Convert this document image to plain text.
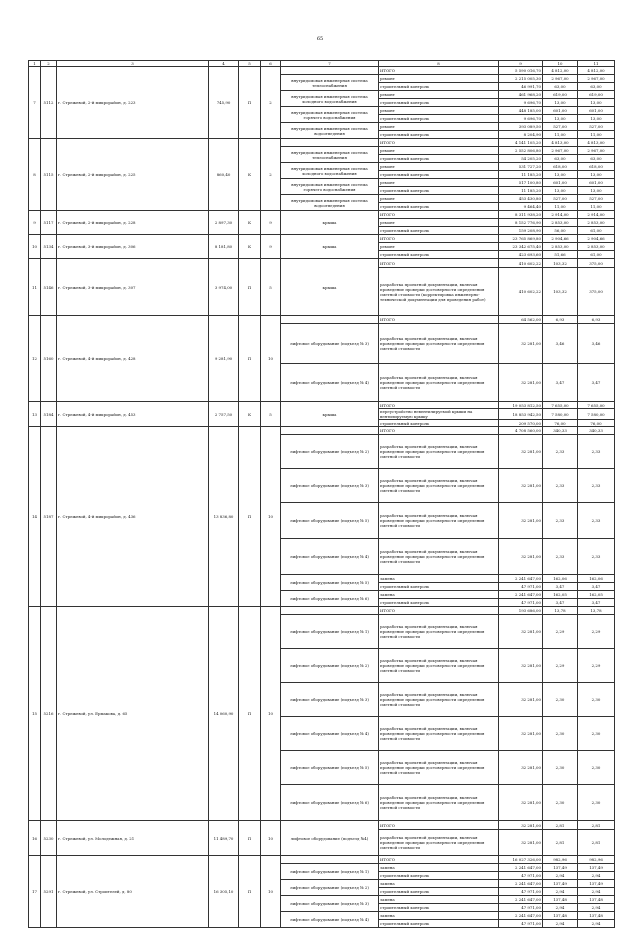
65
1	2	3	4	5	6	7	8	9	10	11
7	5112	г. Стрежевой, 2-й микрорайон, д. 223	745,90	П	2		ИТОГО	5 590 016,70	4 812,00	4 812,00
						внутридомовая инженерная система теплоснабжения	ремонт	2 215 005,30	2 967,00	2 967,00
							строительный контроль	46 991,70	63,00	63,00
						внутридомовая инженерная система холодного водоснабжения	ремонт	461 968,20	619,00	619,00
							строительный контроль	9 696,70	13,00	13,00
						внутридомовая инженерная система горячего водоснабжения	ремонт	448 185,00	601,00	601,00
							строительный контроль	9 696,70	13,00	13,00
						внутридомовая инженерная система водоотведения	ремонт	393 089,50	527,00	527,00
							строительный контроль	8 204,90	11,00	11,00
8	5115	г. Стрежевой, 2-й микрорайон, д. 225	860,40	К	2		ИТОГО	4 141 105,20	4 813,00	4 813,00
						внутридомовая инженерная система теплоснабжения	ремонт	2 552 806,80	2 967,00	2 967,00
							строительный контроль	54 205,20	63,00	63,00
						внутридомовая инженерная система холодного водоснабжения	ремонт	531 727,20	618,00	618,00
							строительный контроль	11 185,20	13,00	13,00
						внутридомовая инженерная система горячего водоснабжения	ремонт	517 100,80	601,00	601,00
							строительный контроль	11 185,20	13,00	13,00
						внутридомовая инженерная система водоотведения	ремонт	453 430,80	527,00	527,00
							строительный контроль	9 464,40	11,00	11,00
9	5117	г. Стрежевой, 2-й микрорайон, д. 228	2 897,30	К	9	крыша	ИТОГО	8 311 938,20	2 914,00	2 914,00
							ремонт	8 152 776,90	2 853,00	2 853,00
							строительный контроль	159 208,90	56,00	61,00
10	5134	г. Стрежевой, 3-й микрорайон, д. 306	8 181,80	К	9	крыша	ИТОГО	23 765 869,80	2 904,66	2 904,66
							ремонт	23 342 675,40	2 853,00	2 853,00
							строительный контроль	423 693,60	51,66	61,00
11	5146	г. Стрежевой, 3-й микрорайон, д. 307	3 974,00	П	5	крыша	ИТОГО	410 602,22	103,32	375,00
							разработка проектной документации, включая проведение проверки достоверности определения сметной стоимости (корректировка инженерно-технической документации для проведения работ)	410 602,22	103,32	375,00
12	5160	г. Стрежевой, 4-й микрорайон, д. 428	9 281,90	П	10		ИТОГО	64 562,00	6,93	6,93
						лифтовое оборудование (подъезд № 3)	разработка проектной документации, включая проведение проверки достоверности определения сметной стоимости	32 281,00	3,46	3,46
						лифтовое оборудование (подъезд № 4)	разработка проектной документации, включая проведение проверки достоверности определения сметной стоимости	32 281,00	3,47	3,47
13	5184	г. Стрежевой, 4-й микрорайон, д. 453	2 757,50	К	5	крыша	ИТОГО	19 053 812,50	7 655,00	7 655,00
							переустройство невентилируемой крыши на вентилируемую крышу	18 853 942,50	7 580,00	7 580,00
							строительный контроль	209 570,00	76,00	76,00
14	5187	г. Стрежевой, 4-й микрорайон, д. 436	13 836,80	П	10		ИТОГО	4 708 560,00	340,33	340,33
						лифтовое оборудование (подъезд № 2)	разработка проектной документации, включая проведение проверки достоверности определения сметной стоимости	32 281,00	2,33	2,33
						лифтовое оборудование (подъезд № 3)	разработка проектной документации, включая проведение проверки достоверности определения сметной стоимости	32 281,00	2,33	2,33
						лифтовое оборудование (подъезд № 5)	разработка проектной документации, включая проведение проверки достоверности определения сметной стоимости	32 281,00	2,33	2,33
						лифтовое оборудование (подъезд № 4)	разработка проектной документации, включая проведение проверки достоверности определения сметной стоимости	32 281,00	2,33	2,33
						лифтовое оборудование (подъезд № 5)	замена	2 241 647,00	162,06	162,06
							строительный контроль	47 971,00	3,47	3,47
						лифтовое оборудование (подъезд № 6)	замена	2 241 647,00	162,05	162,05
							строительный контроль	47 971,00	3,47	3,47
15	5216	г. Стрежевой, ул. Ермакова, д. 65	14 060,90	П	10		ИТОГО	193 686,00	13,78	13,78
						лифтовое оборудование (подъезд № 1)	разработка проектной документации, включая проведение проверки достоверности определения сметной стоимости	32 281,00	2,29	2,29
						лифтовое оборудование (подъезд № 2)	разработка проектной документации, включая проведение проверки достоверности определения сметной стоимости	32 281,00	2,29	2,29
						лифтовое оборудование (подъезд № 3)	разработка проектной документации, включая проведение проверки достоверности определения сметной стоимости	32 281,00	2,30	2,30
						лифтовое оборудование (подъезд № 4)	разработка проектной документации, включая проведение проверки достоверности определения сметной стоимости	32 281,00	2,30	2,30
						лифтовое оборудование (подъезд № 5)	разработка проектной документации, включая проведение проверки достоверности определения сметной стоимости	32 281,00	2,30	2,30
						лифтовое оборудование (подъезд № 6)	разработка проектной документации, включая проведение проверки достоверности определения сметной стоимости	32 281,00	2,30	2,30
16	5230	г. Стрежевой, ул. Молодежная, д. 21	11 489,70	П	10	лифтовое оборудование (подъезд №4)	ИТОГО	32 281,00	2,81	2,81
							разработка проектной документации, включая проведение проверки достоверности определения сметной стоимости	32 281,00	2,81	2,81
17	5291	г. Стрежевой, ул. Строителей, д. 80	16 305,10	П	10		ИТОГО	16 027 326,00	982,96	982,96
						лифтовое оборудование (подъезд № 1)	замена	2 241 647,00	137,49	137,49
							строительный контроль	47 971,00	2,94	2,94
						лифтовое оборудование (подъезд № 2)	замена	2 241 647,00	137,49	137,49
							строительный контроль	47 971,00	2,94	2,94
						лифтовое оборудование (подъезд № 3)	замена	2 241 647,00	137,48	137,48
							строительный контроль	47 971,00	2,94	2,94
						лифтовое оборудование (подъезд № 4)	замена	2 241 647,00	137,48	137,48
							строительный контроль	47 971,00	2,94	2,94
